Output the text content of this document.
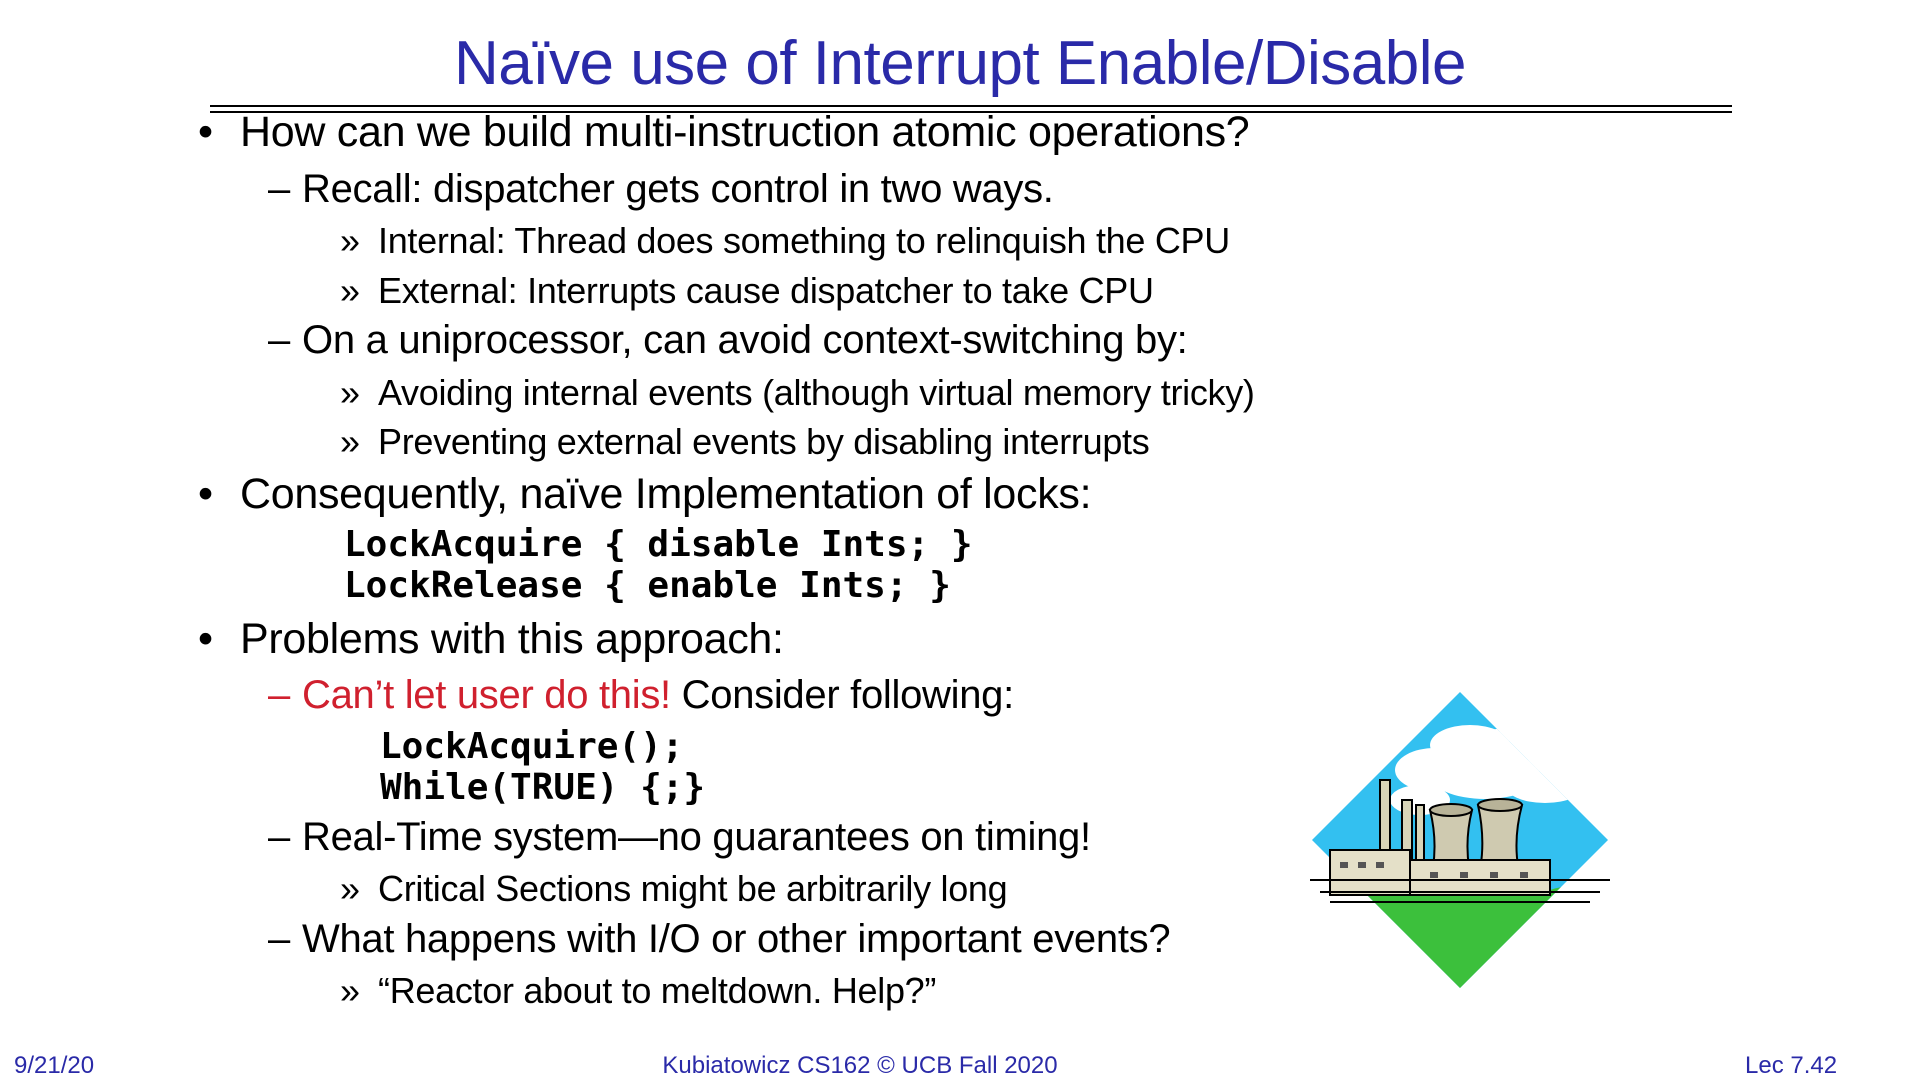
Naïve use of Interrupt Enable/Disable
• How can we build multi-instruction atomic operations?
– Recall: dispatcher gets control in two ways.
» Internal: Thread does something to relinquish the CPU
» External: Interrupts cause dispatcher to take CPU
– On a uniprocessor, can avoid context-switching by:
» Avoiding internal events (although virtual memory tricky)
» Preventing external events by disabling interrupts
• Consequently, naïve Implementation of locks:
LockAcquire { disable Ints; }
LockRelease { enable Ints; }
• Problems with this approach:
– Can’t let user do this! Consider following:
LockAcquire();
While(TRUE) {;}
– Real-Time system—no guarantees on timing!
» Critical Sections might be arbitrarily long
– What happens with I/O or other important events?
» “Reactor about to meltdown. Help?”
9/21/20	Kubiatowicz CS162 © UCB Fall 2020	Lec 7.42
